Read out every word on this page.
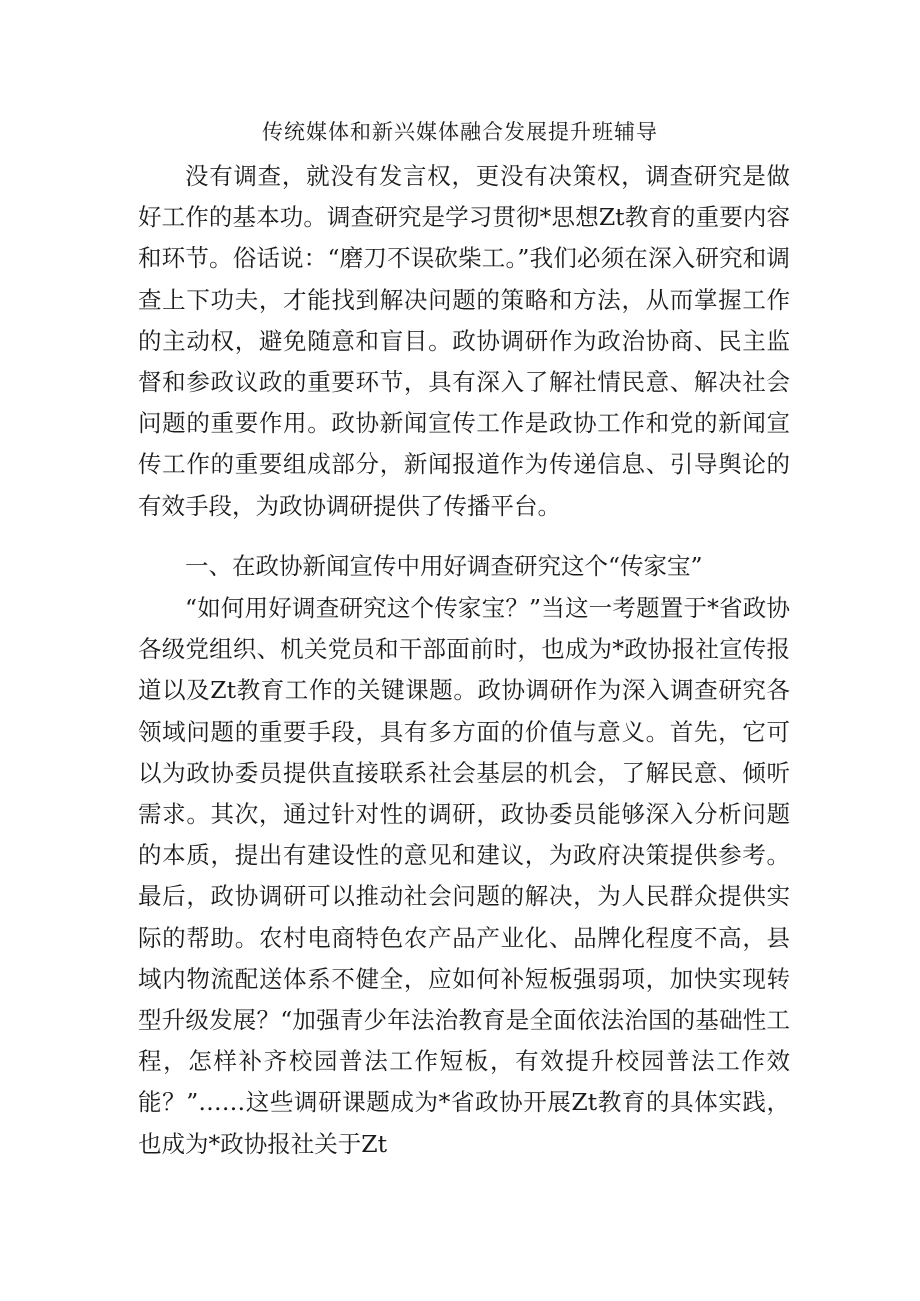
传统媒体和新兴媒体融合发展提升班辅导

没有调查，就没有发言权，更没有决策权，调查研究是做好工作的基本功。调查研究是学习贯彻*思想Zt教育的重要内容和环节。俗话说：“磨刀不误砍柴工。”我们必须在深入研究和调查上下功夫，才能找到解决问题的策略和方法，从而掌握工作的主动权，避免随意和盲目。政协调研作为政治协商、民主监督和参政议政的重要环节，具有深入了解社情民意、解决社会问题的重要作用。政协新闻宣传工作是政协工作和党的新闻宣传工作的重要组成部分，新闻报道作为传递信息、引导舆论的有效手段，为政协调研提供了传播平台。

一、在政协新闻宣传中用好调查研究这个“传家宝”

“如何用好调查研究这个传家宝？”当这一考题置于*省政协各级党组织、机关党员和干部面前时，也成为*政协报社宣传报道以及Zt教育工作的关键课题。政协调研作为深入调查研究各领域问题的重要手段，具有多方面的价值与意义。首先，它可以为政协委员提供直接联系社会基层的机会，了解民意、倾听需求。其次，通过针对性的调研，政协委员能够深入分析问题的本质，提出有建设性的意见和建议，为政府决策提供参考。最后，政协调研可以推动社会问题的解决，为人民群众提供实际的帮助。农村电商特色农产品产业化、品牌化程度不高，县域内物流配送体系不健全，应如何补短板强弱项，加快实现转型升级发展？“加强青少年法治教育是全面依法治国的基础性工程，怎样补齐校园普法工作短板，有效提升校园普法工作效能？”……这些调研课题成为*省政协开展Zt教育的具体实践，也成为*政协报社关于Zt
